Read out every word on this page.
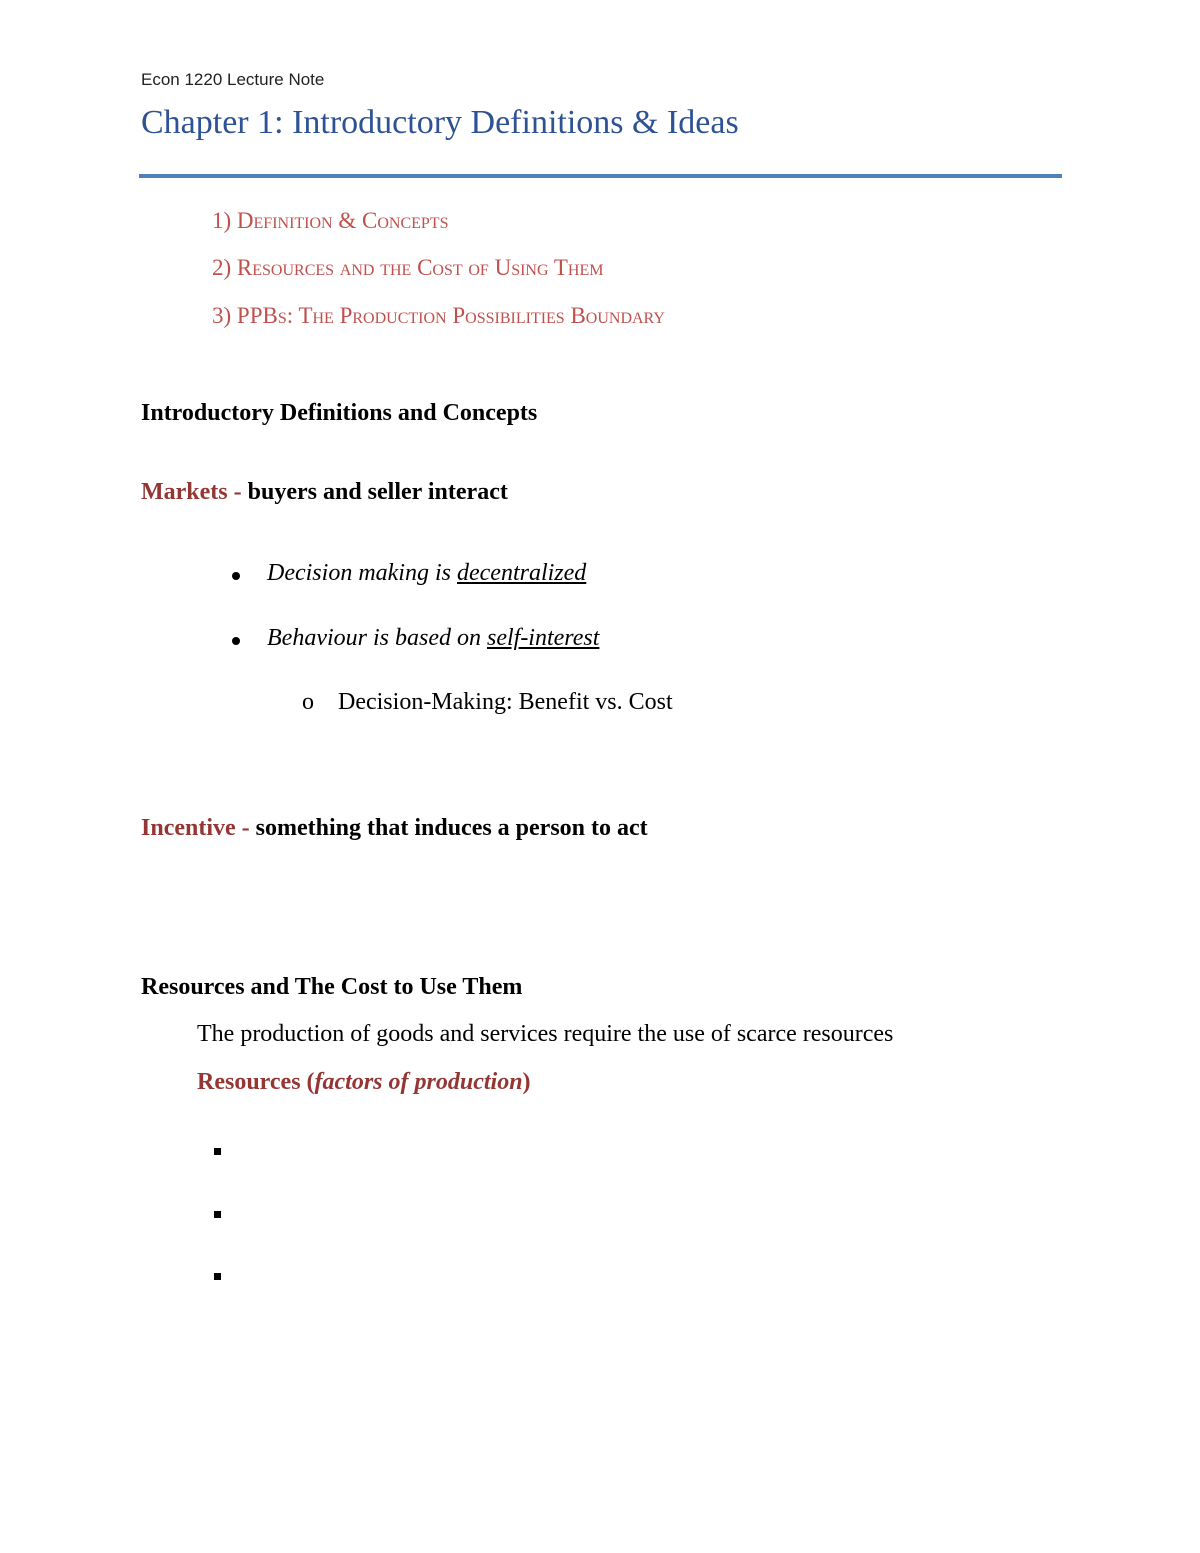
Econ 1220 Lecture Note
Chapter 1: Introductory Definitions & Ideas
1) Definition & Concepts
2) Resources and the Cost of Using Them
3) PPBs: The Production Possibilities Boundary
Introductory Definitions and Concepts
Markets - buyers and seller interact
Decision making is decentralized
Behaviour is based on self-interest
o Decision-Making: Benefit vs. Cost
Incentive - something that induces a person to act
Resources and The Cost to Use Them
The production of goods and services require the use of scarce resources
Resources (factors of production)
